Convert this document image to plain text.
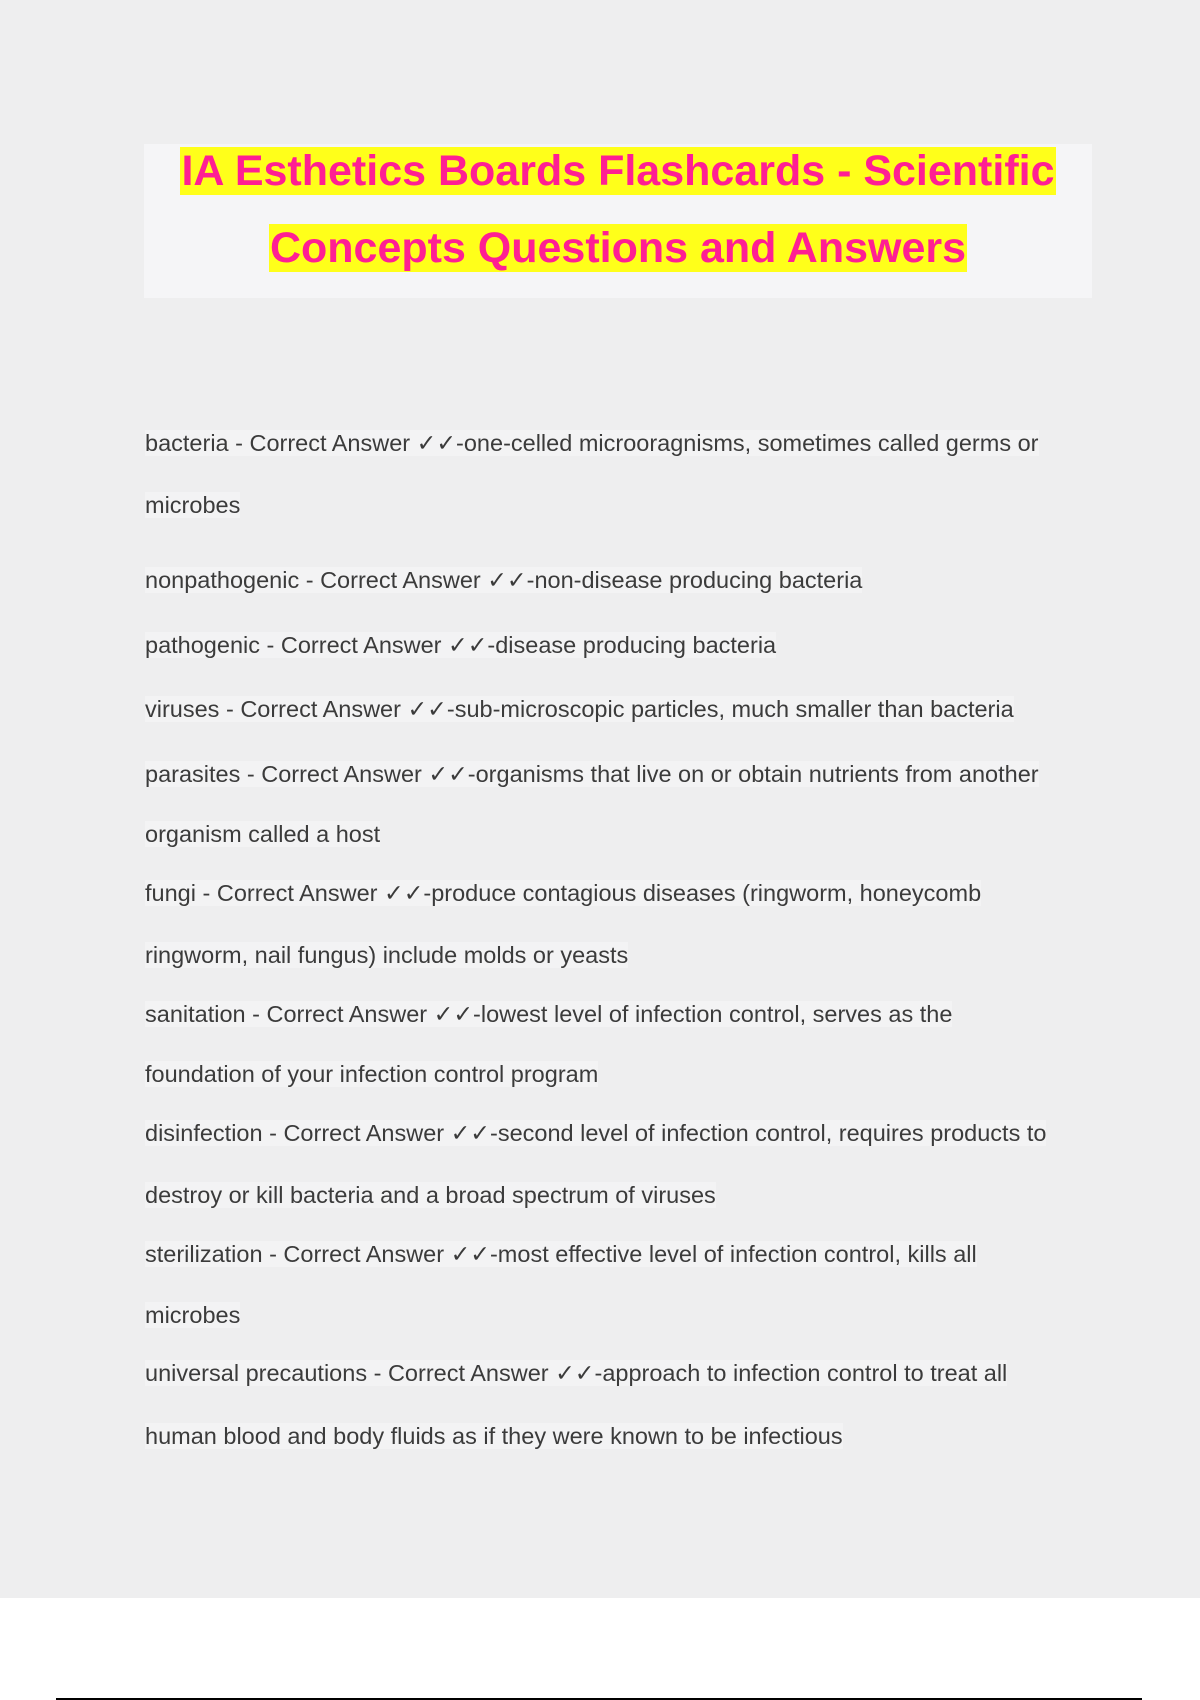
IA Esthetics Boards Flashcards - Scientific
Concepts Questions and Answers
bacteria - Correct Answer ✓✓-one-celled microoragnisms, sometimes called germs or
microbes
nonpathogenic - Correct Answer ✓✓-non-disease producing bacteria
pathogenic - Correct Answer ✓✓-disease producing bacteria
viruses - Correct Answer ✓✓-sub-microscopic particles, much smaller than bacteria
parasites - Correct Answer ✓✓-organisms that live on or obtain nutrients from another
organism called a host
fungi - Correct Answer ✓✓-produce contagious diseases (ringworm, honeycomb
ringworm, nail fungus) include molds or yeasts
sanitation - Correct Answer ✓✓-lowest level of infection control, serves as the
foundation of your infection control program
disinfection - Correct Answer ✓✓-second level of infection control, requires products to
destroy or kill bacteria and a broad spectrum of viruses
sterilization - Correct Answer ✓✓-most effective level of infection control, kills all
microbes
universal precautions - Correct Answer ✓✓-approach to infection control to treat all
human blood and body fluids as if they were known to be infectious
